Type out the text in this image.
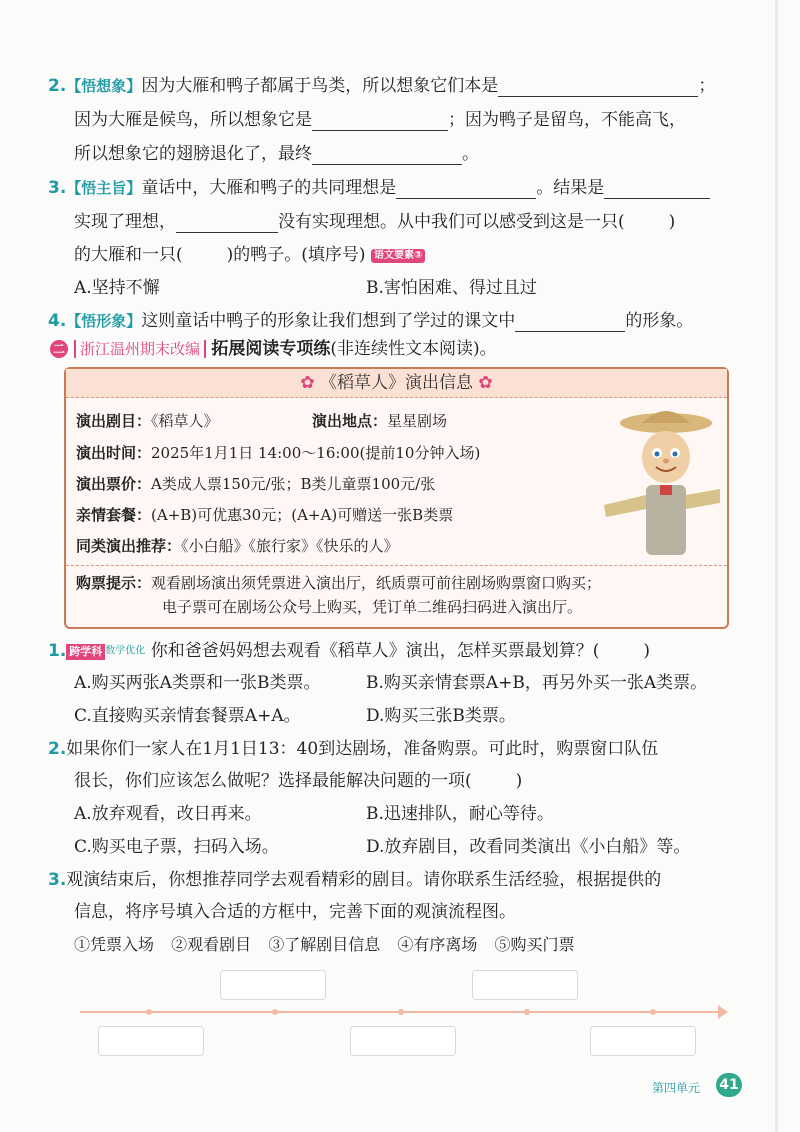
2.【悟想象】因为大雁和鸭子都属于鸟类，所以想象它们本是	；
因为大雁是候鸟，所以想象它是	；因为鸭子是留鸟，不能高飞，
所以想象它的翅膀退化了，最终	。
3.【悟主旨】童话中，大雁和鸭子的共同理想是	。结果是
实现了理想，	没有实现理想。从中我们可以感受到这是一只(	)
的大雁和一只(	)的鸭子。(填序号) 语文要素③
A.坚持不懈	B.害怕困难、得过且过
4.【悟形象】这则童话中鸭子的形象让我们想到了学过的课文中	的形象。
二	浙江温州期末改编 拓展阅读专项练(非连续性文本阅读)。
✿ 《稻草人》演出信息 ✿
演出剧目：《稻草人》	演出地点：星星剧场
演出时间：2025年1月1日 14:00～16:00(提前10分钟入场)
演出票价：A类成人票150元/张；B类儿童票100元/张
亲情套餐：(A+B)可优惠30元；(A+A)可赠送一张B类票
同类演出推荐：《小白船》《旅行家》《快乐的人》
购票提示：观看剧场演出须凭票进入演出厅，纸质票可前往剧场购票窗口购买；
电子票可在剧场公众号上购买，凭订单二维码扫码进入演出厅。
1. 跨学科 数学优化 你和爸爸妈妈想去观看《稻草人》演出，怎样买票最划算？(	)
A.购买两张A类票和一张B类票。	B.购买亲情套票A+B，再另外买一张A类票。
C.直接购买亲情套餐票A+A。	D.购买三张B类票。
2.如果你们一家人在1月1日13：40到达剧场，准备购票。可此时，购票窗口队伍
很长，你们应该怎么做呢？选择最能解决问题的一项(	)
A.放弃观看，改日再来。	B.迅速排队，耐心等待。
C.购买电子票，扫码入场。	D.放弃剧目，改看同类演出《小白船》等。
3.观演结束后，你想推荐同学去观看精彩的剧目。请你联系生活经验，根据提供的
信息，将序号填入合适的方框中，完善下面的观演流程图。
①凭票入场 ②观看剧目 ③了解剧目信息 ④有序离场 ⑤购买门票
第四单元 41
